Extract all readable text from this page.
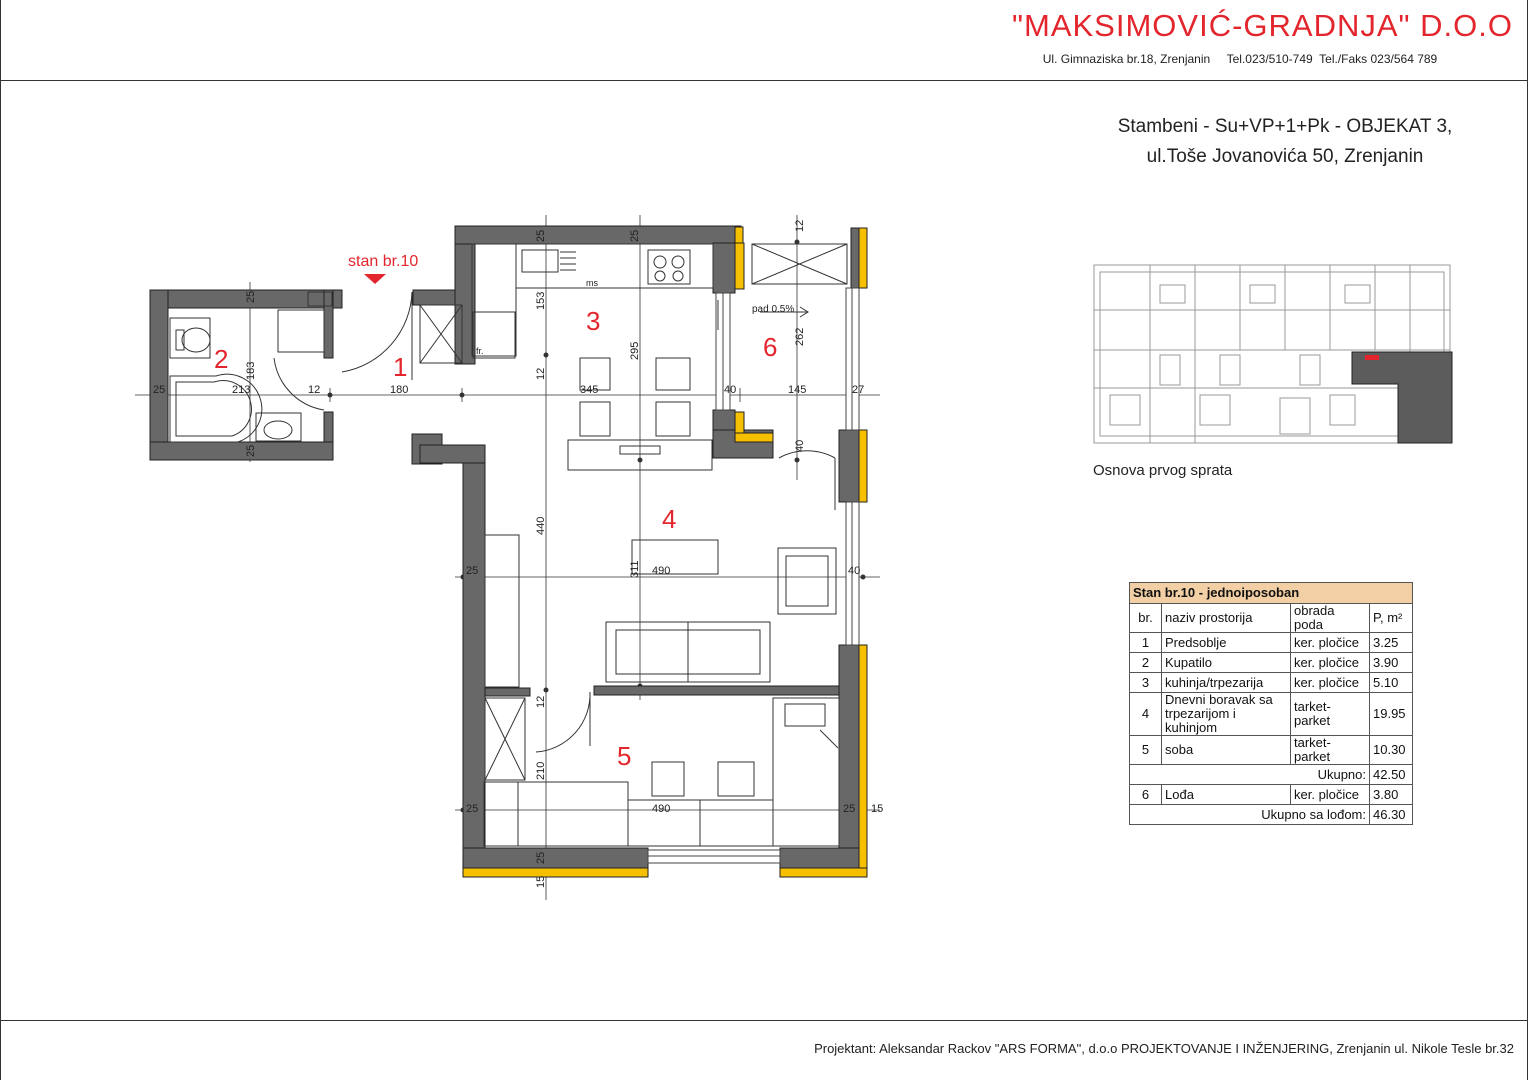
"MAKSIMOVIĆ-GRADNJA" D.O.O
Ul. Gimnaziska br.18, Zrenjanin     Tel.023/510-749  Tel./Faks 023/564 789
Stambeni - Su+VP+1+Pk - OBJEKAT 3,
ul.Toše Jovanovića 50, Zrenjanin
stan br.10
1
2
3
4
5
6
pad 0.5%
fr.
ms
25	213	12	180	345	40	145	27
25	490	40
25	490	25 15
25
183
25
25
153
12
25
295
12
262
40
440
311
12
210
25
15
Osnova prvog sprata
Stan br.10 - jednoiposoban			
br.	naziv prostorija	obrada poda	P, m²
1	Predsoblje	ker. pločice	3.25
2	Kupatilo	ker. pločice	3.90
3	kuhinja/trpezarija	ker. pločice	5.10
4	Dnevni boravak sa
trpezarijom i kuhinjom	tarket-parket	19.95
5	soba	tarket-parket	10.30
Ukupno:			42.50
6	Lođa	ker. pločice	3.80
Ukupno sa lođom:			46.30
Projektant: Aleksandar Rackov "ARS FORMA", d.o.o PROJEKTOVANJE I INŽENJERING, Zrenjanin ul. Nikole Tesle br.32
